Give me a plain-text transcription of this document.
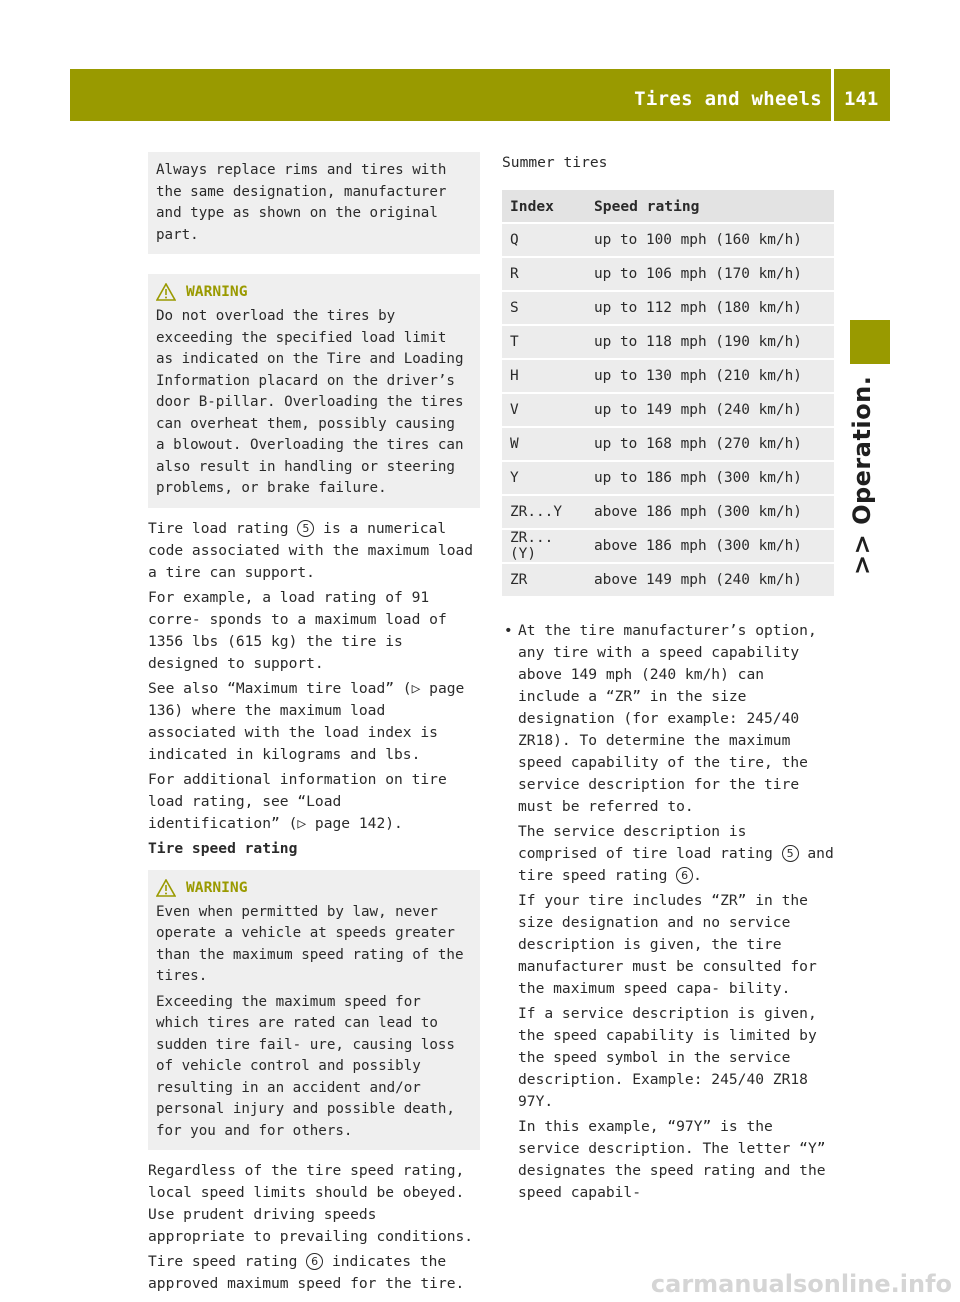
Tires and wheels 141
>> Operation.

Always replace rims and tires with the same designation, manufacturer and type as shown on the original part.

WARNING

Do not overload the tires by exceeding the specified load limit as indicated on the Tire and Loading Information placard on the driver’s door B-pillar. Overloading the tires can overheat them, possibly causing a blowout. Overloading the tires can also result in handling or steering problems, or brake failure.

Tire load rating 5 is a numerical code associated with the maximum load a tire can support.

For example, a load rating of 91 corre- sponds to a maximum load of 1356 lbs (615 kg) the tire is designed to support.

See also “Maximum tire load” (▷ page 136) where the maximum load associated with the load index is indicated in kilograms and lbs.

For additional information on tire load rating, see “Load identification” (▷ page 142).

Tire speed rating

WARNING

Even when permitted by law, never operate a vehicle at speeds greater than the maximum speed rating of the tires.

Exceeding the maximum speed for which tires are rated can lead to sudden tire fail- ure, causing loss of vehicle control and possibly resulting in an accident and/or personal injury and possible death, for you and for others.

Regardless of the tire speed rating, local speed limits should be obeyed. Use prudent driving speeds appropriate to prevailing conditions.

Tire speed rating 6 indicates the approved maximum speed for the tire.

Summer tires

Index	Speed rating
Q	up to 100 mph (160 km/h)
R	up to 106 mph (170 km/h)
S	up to 112 mph (180 km/h)
T	up to 118 mph (190 km/h)
H	up to 130 mph (210 km/h)
V	up to 149 mph (240 km/h)
W	up to 168 mph (270 km/h)
Y	up to 186 mph (300 km/h)
ZR...Y	above 186 mph (300 km/h)
ZR...(Y)	above 186 mph (300 km/h)
ZR	above 149 mph (240 km/h)

• At the tire manufacturer’s option, any tire with a speed capability above 149 mph (240 km/h) can include a “ZR” in the size designation (for example: 245/40 ZR18). To determine the maximum speed capability of the tire, the service description for the tire must be referred to.

The service description is comprised of tire load rating 5 and tire speed rating 6 .

If your tire includes “ZR” in the size designation and no service description is given, the tire manufacturer must be consulted for the maximum speed capa- bility.

If a service description is given, the speed capability is limited by the speed symbol in the service description. Example: 245/40 ZR18 97Y.

In this example, “97Y” is the service description. The letter “Y” designates the speed rating and the speed capabil-

carmanualsonline.info
